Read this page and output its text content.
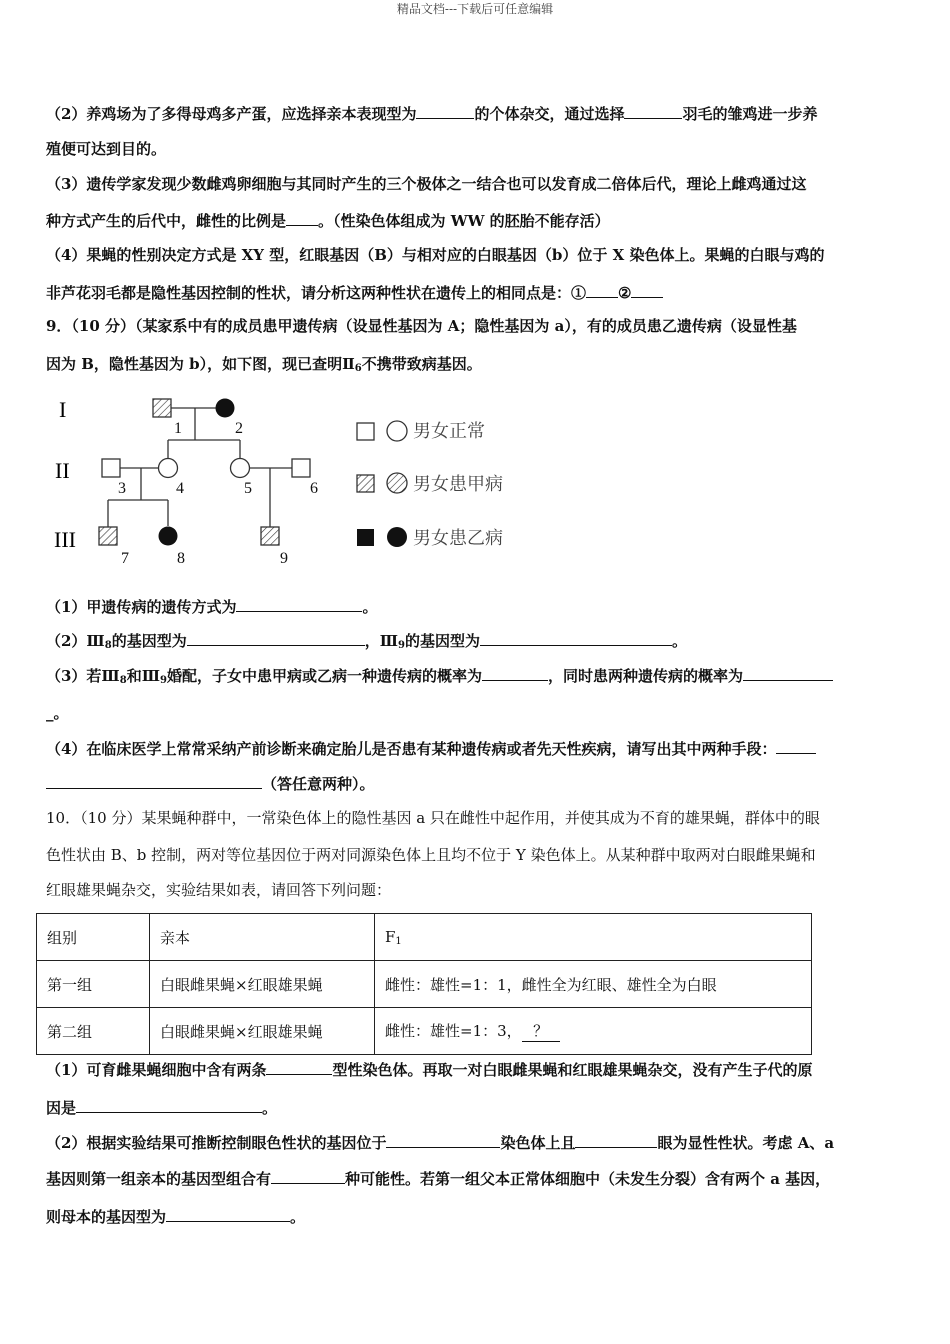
精品文档---下载后可任意编辑
（2）养鸡场为了多得母鸡多产蛋，应选择亲本表现型为	的个体杂交，通过选择	羽毛的雏鸡进一步养
殖便可达到目的。
（3）遗传学家发现少数雌鸡卵细胞与其同时产生的三个极体之一结合也可以发育成二倍体后代，理论上雌鸡通过这
种方式产生的后代中，雌性的比例是 。（性染色体组成为 WW 的胚胎不能存活）
（4）果蝇的性别决定方式是 XY 型，红眼基因（B）与相对应的白眼基因（b）位于 X 染色体上。果蝇的白眼与鸡的
非芦花羽毛都是隐性基因控制的性状，请分析这两种性状在遗传上的相同点是：① ②
9．（10 分）（某家系中有的成员患甲遗传病（设显性基因为 A；隐性基因为 a），有的成员患乙遗传病（设显性基
因为 B，隐性基因为 b），如下图，现已查明$Ⅱ_6$不携带致病基因。
I
II
III
1	2
3	4	5	6
7	8	9
男女正常
男女患甲病
男女患乙病
（1）甲遗传病的遗传方式为	。
$(2)Ⅲ_8$的基因型为	，$Ⅲ_9$的基因型为	。
（3）若$Ⅲ_8$和$Ⅲ_9$婚配，子女中患甲病或乙病一种遗传病的概率为	，同时患两种遗传病的概率为
_。
（4）在临床医学上常常采纳产前诊断来确定胎儿是否患有某种遗传病或者先天性疾病，请写出其中两种手段：
（答任意两种）。
10．（10 分）某果蝇种群中，一常染色体上的隐性基因 a 只在雌性中起作用，并使其成为不育的雄果蝇，群体中的眼
色性状由 B、b 控制，两对等位基因位于两对同源染色体上且均不位于 Y 染色体上。从某种群中取两对白眼雌果蝇和
红眼雄果蝇杂交，实验结果如表，请回答下列问题：
组别	亲本	$F_1$
第一组	白眼雌果蝇×红眼雄果蝇	雌性：雄性=1：1，雌性全为红眼、雄性全为白眼
第二组	白眼雌果蝇×红眼雄果蝇	雌性：雄性=1：3， ？
（1）可育雌果蝇细胞中含有两条	型性染色体。再取一对白眼雌果蝇和红眼雄果蝇杂交，没有产生子代的原
因是	。
（2）根据实验结果可推断控制眼色性状的基因位于	染色体上且	眼为显性性状。考虑 A、a
基因则第一组亲本的基因型组合有	种可能性。若第一组父本正常体细胞中（未发生分裂）含有两个 a 基因，
则母本的基因型为	。
